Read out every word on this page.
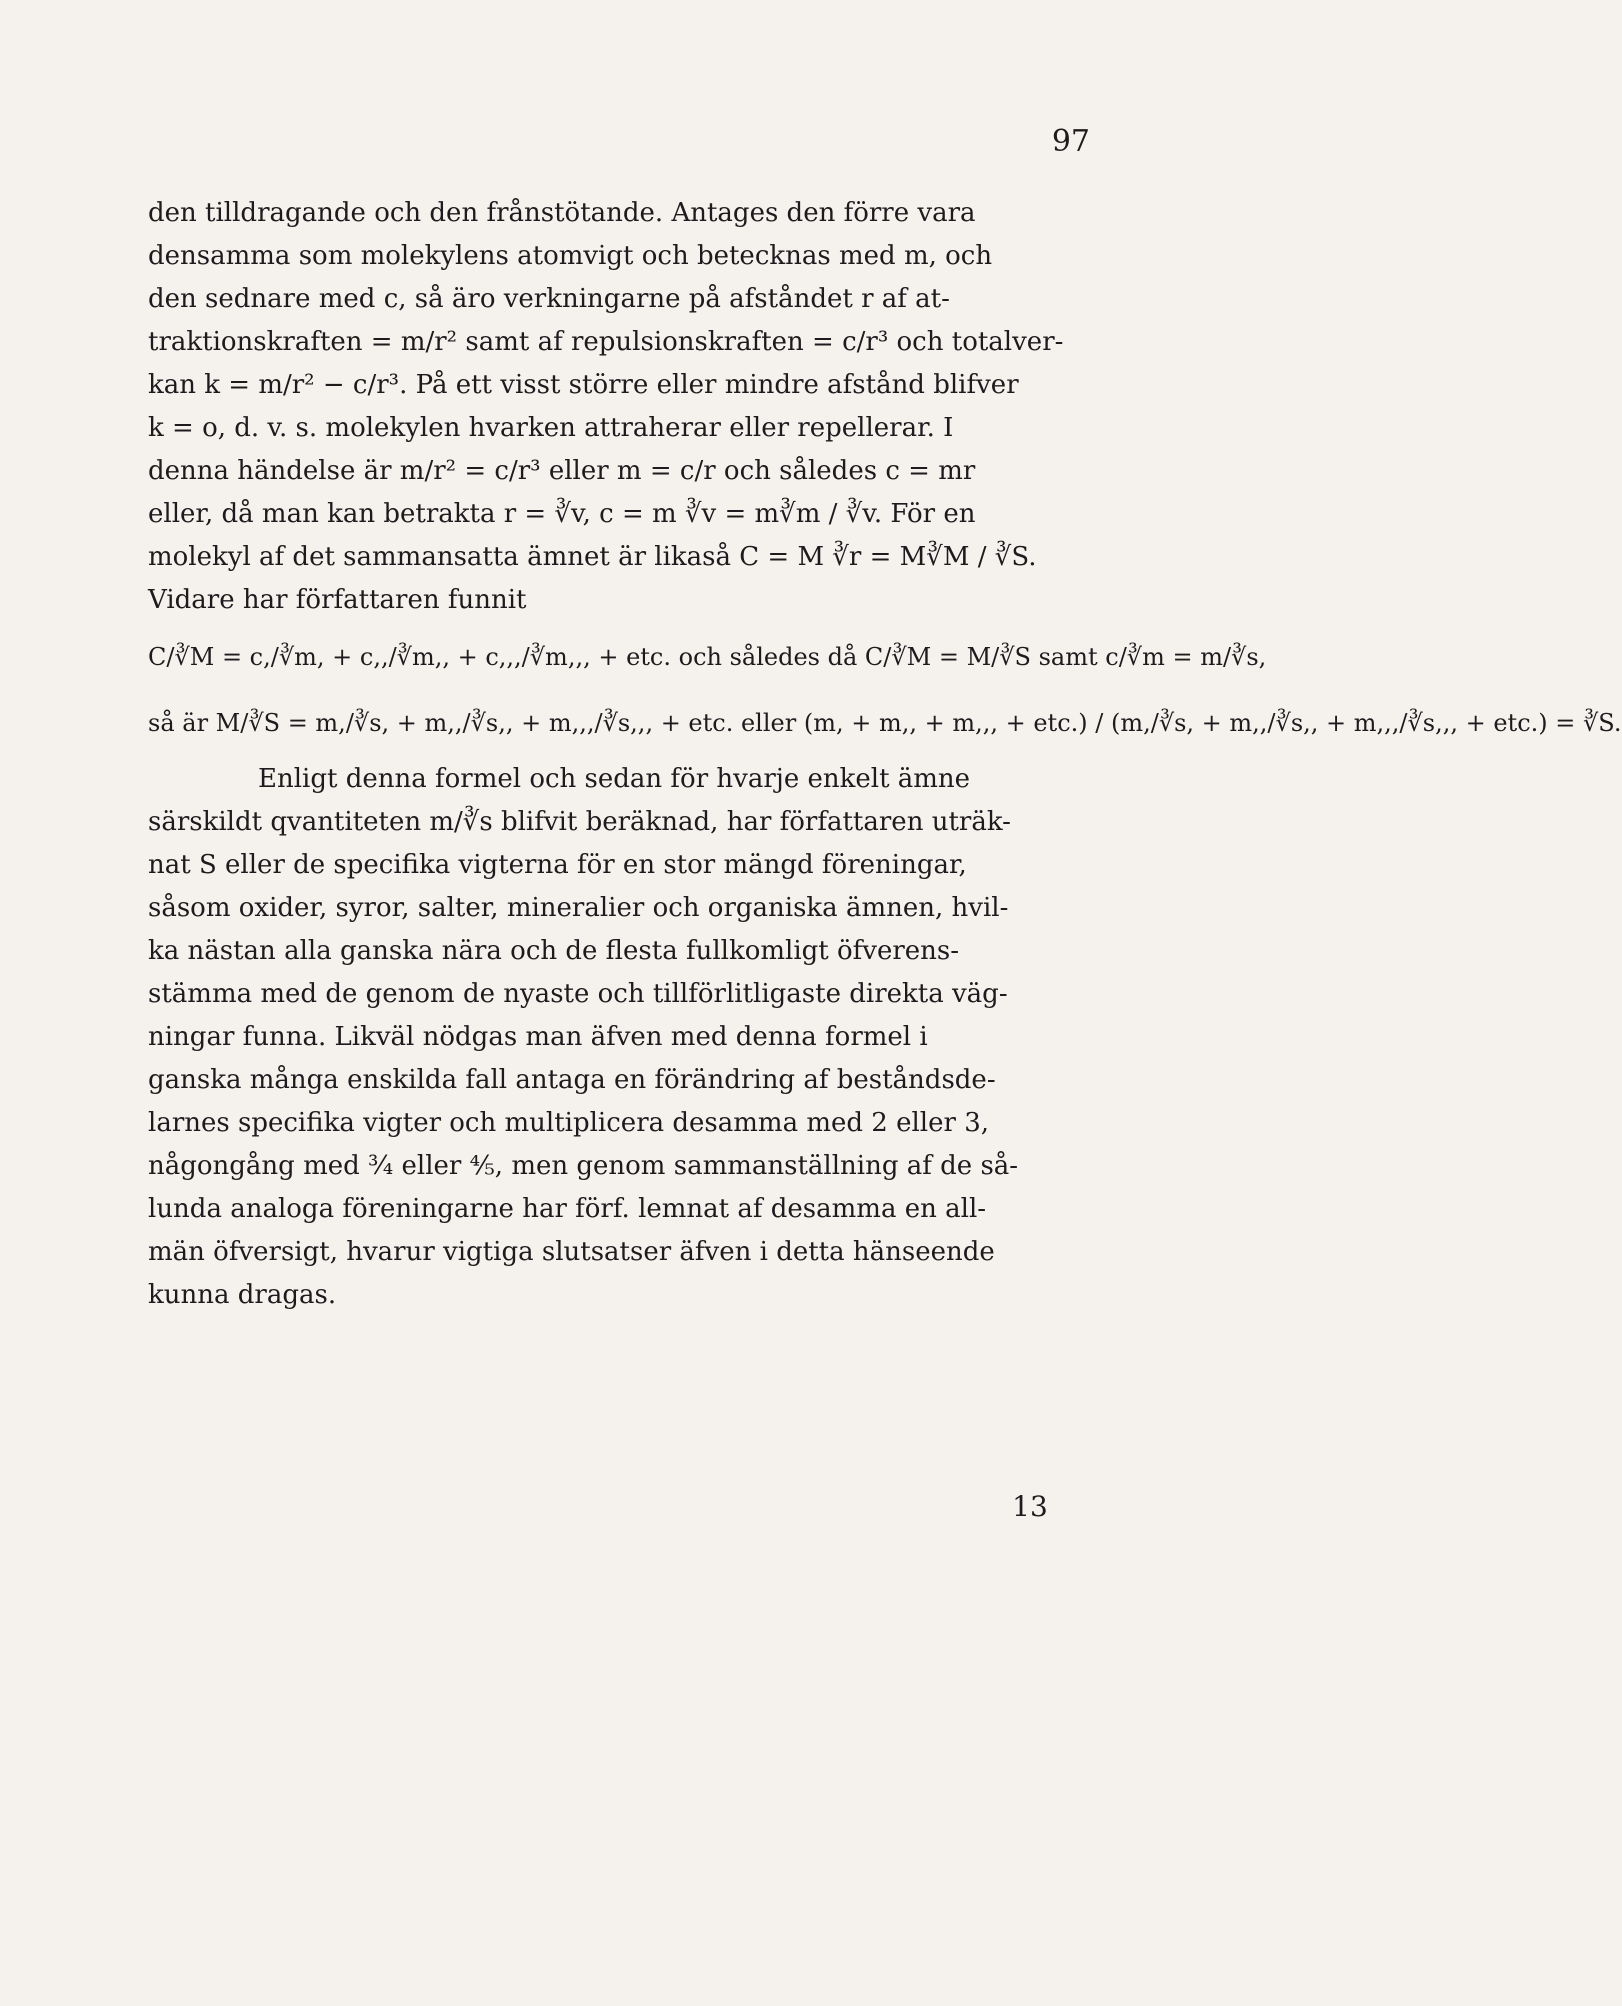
97

den tilldragande och den frånstötande. Antages den förre vara
densamma som molekylens atomvigt och betecknas med m, och
den sednare med c, så äro verkningarne på afståndet r af at-
traktionskraften = m/r² samt af repulsionskraften = c/r³ och totalver-
kan k = m/r² − c/r³. På ett visst större eller mindre afstånd blifver
k = o, d. v. s. molekylen hvarken attraherar eller repellerar. I
denna händelse är m/r² = c/r³ eller m = c/r och således c = mr
eller, då man kan betrakta r = ∛v, c = m ∛v = m∛m / ∛v. För en
molekyl af det sammansatta ämnet är likaså C = M ∛r = M∛M / ∛S.
Vidare har författaren funnit

C/∛M = c,/∛m, + c,,/∛m,, + c,,,/∛m,,, + etc. och således då C/∛M = M/∛S samt c/∛m = m/∛s,
så är M/∛S = m,/∛s, + m,,/∛s,, + m,,,/∛s,,, + etc. eller (m, + m,, + m,,, + etc.) / (m,/∛s, + m,,/∛s,, + m,,,/∛s,,, + etc.) = ∛S.

Enligt denna formel och sedan för hvarje enkelt ämne

särskildt qvantiteten m/∛s blifvit beräknad, har författaren uträk-
nat S eller de specifika vigterna för en stor mängd föreningar,
såsom oxider, syror, salter, mineralier och organiska ämnen, hvil-
ka nästan alla ganska nära och de flesta fullkomligt öfverens-
stämma med de genom de nyaste och tillförlitligaste direkta väg-
ningar funna. Likväl nödgas man äfven med denna formel i
ganska många enskilda fall antaga en förändring af beståndsde-
larnes specifika vigter och multiplicera desamma med 2 eller 3,
någongång med ¾ eller ⅘, men genom sammanställning af de så-
lunda analoga föreningarne har förf. lemnat af desamma en all-
män öfversigt, hvarur vigtiga slutsatser äfven i detta hänseende
kunna dragas.

13
